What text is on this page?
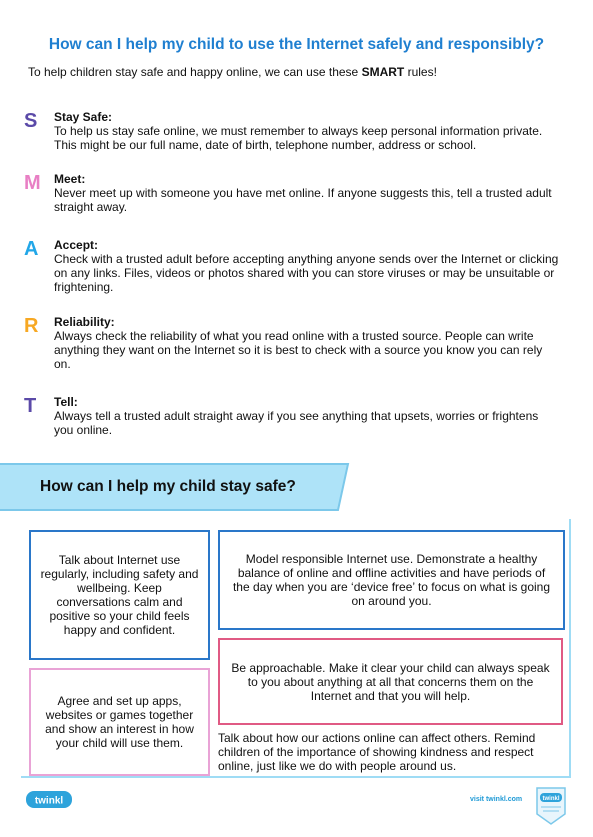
How can I help my child to use the Internet safely and responsibly?
To help children stay safe and happy online, we can use these SMART rules!
S Stay Safe:
To help us stay safe online, we must remember to always keep personal information private. This might be our full name, date of birth, telephone number, address or school.
M Meet:
Never meet up with someone you have met online. If anyone suggests this, tell a trusted adult straight away.
A Accept:
Check with a trusted adult before accepting anything anyone sends over the Internet or clicking on any links. Files, videos or photos shared with you can store viruses or may be unsuitable or frightening.
R Reliability:
Always check the reliability of what you read online with a trusted source. People can write anything they want on the Internet so it is best to check with a source you know you can rely on.
T Tell:
Always tell a trusted adult straight away if you see anything that upsets, worries or frightens you online.
How can I help my child stay safe?
Talk about Internet use regularly, including safety and wellbeing. Keep conversations calm and positive so your child feels happy and confident.
Model responsible Internet use. Demonstrate a healthy balance of online and offline activities and have periods of the day when you are ‘device free’ to focus on what is going on around you.
Be approachable. Make it clear your child can always speak to you about anything at all that concerns them on the Internet and that you will help.
Agree and set up apps, websites or games together and show an interest in how your child will use them.	Talk about how our actions online can affect others. Remind children of the importance of showing kindness and respect online, just like we do with people around us.
twinkl	visit twinkl.com	twinkl
